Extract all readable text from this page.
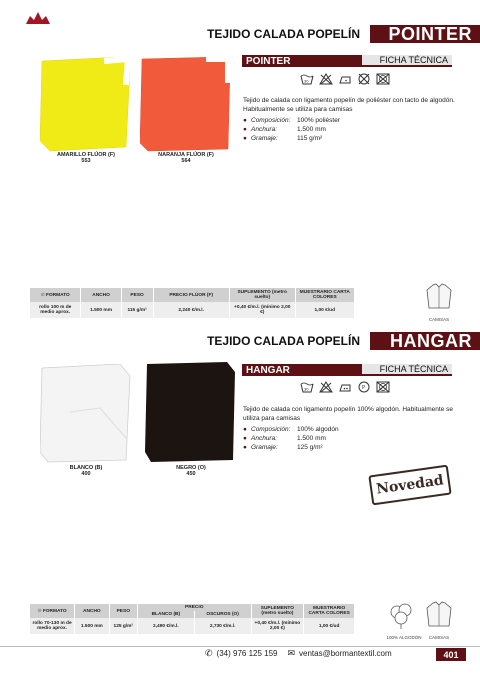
TEJIDO CALADA POPELÍN	POINTER
AMARILLO FLÚOR (F)
553
NARANJA FLÚOR (F)
564
POINTER	FICHA TÉCNICA
30
Tejido de calada con ligamento popelín de poliéster con tacto de algodón. Habitualmente se utiliza para camisas
● Composición:	100% poliéster
● Anchura:	1.500 mm
● Gramaje:	115 g/m²
⊘ FORMATO	ANCHO	PESO	PRECIO FLÚOR (F)	SUPLEMENTO (metro suelto)	MUESTRARIO CARTA COLORES
rollo 100 m de medio aprox.	1.500 mm	115 g/m²	2,240 €/m.l.	+0,40 €/m.l. (mínimo 2,00 €)	1,00 €/ud
CAMISAS
TEJIDO CALADA POPELÍN	HANGAR
BLANCO (B)
400
NEGRO (O)
450
HANGAR	FICHA TÉCNICA
30	P
Tejido de calada con ligamento popelín 100% algodón. Habitualmente se utiliza para camisas
● Composición:	100% algodón
● Anchura:	1.500 mm
● Gramaje:	125 g/m²
Novedad
⊘ FORMATO	ANCHO	PESO	PRECIO		SUPLEMENTO (metro suelto)	MUESTRARIO CARTA COLORES
			BLANCO (B)	OSCUROS (O)		
rollo 70-130 m de medio aprox.	1.500 mm	125 g/m²	2,490 €/m.l.	2,730 €/m.l.	+0,40 €/m.l. (mínimo 2,00 €)	1,00 €/ud
100% ALGODÓN	CAMISAS
✆ (34) 976 125 159 ✉ ventas@bormantextil.com	401
